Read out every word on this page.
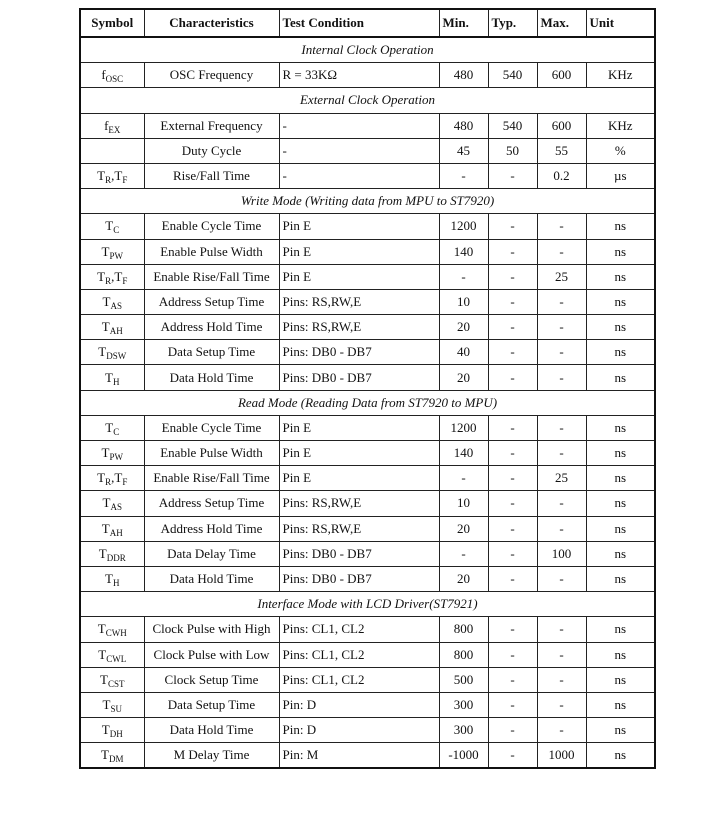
Symbol	Characteristics	Test Condition	Min.	Typ.	Max.	Unit
Internal Clock Operation						
$f_{OSC}$	OSC Frequency	R = 33KΩ	480	540	600	KHz
External Clock Operation						
$f_{EX}$	External Frequency	-	480	540	600	KHz
	Duty Cycle	-	45	50	55	%
$T_R,T_F$	Rise/Fall Time	-	-	-	0.2	µs
Write Mode (Writing data from MPU to ST7920)						
$T_C$	Enable Cycle Time	Pin E	1200	-	-	ns
$T_{PW}$	Enable Pulse Width	Pin E	140	-	-	ns
$T_R,T_F$	Enable Rise/Fall Time	Pin E	-	-	25	ns
$T_{AS}$	Address Setup Time	Pins: RS,RW,E	10	-	-	ns
$T_{AH}$	Address Hold Time	Pins: RS,RW,E	20	-	-	ns
$T_{DSW}$	Data Setup Time	Pins: DB0 - DB7	40	-	-	ns
$T_H$	Data Hold Time	Pins: DB0 - DB7	20	-	-	ns
Read Mode (Reading Data from ST7920 to MPU)						
$T_C$	Enable Cycle Time	Pin E	1200	-	-	ns
$T_{PW}$	Enable Pulse Width	Pin E	140	-	-	ns
$T_R,T_F$	Enable Rise/Fall Time	Pin E	-	-	25	ns
$T_{AS}$	Address Setup Time	Pins: RS,RW,E	10	-	-	ns
$T_{AH}$	Address Hold Time	Pins: RS,RW,E	20	-	-	ns
$T_{DDR}$	Data Delay Time	Pins: DB0 - DB7	-	-	100	ns
$T_H$	Data Hold Time	Pins: DB0 - DB7	20	-	-	ns
Interface Mode with LCD Driver(ST7921)						
$T_{CWH}$	Clock Pulse with High	Pins: CL1, CL2	800	-	-	ns
$T_{CWL}$	Clock Pulse with Low	Pins: CL1, CL2	800	-	-	ns
$T_{CST}$	Clock Setup Time	Pins: CL1, CL2	500	-	-	ns
$T_{SU}$	Data Setup Time	Pin: D	300	-	-	ns
$T_{DH}$	Data Hold Time	Pin: D	300	-	-	ns
$T_{DM}$	M Delay Time	Pin: M	-1000	-	1000	ns
